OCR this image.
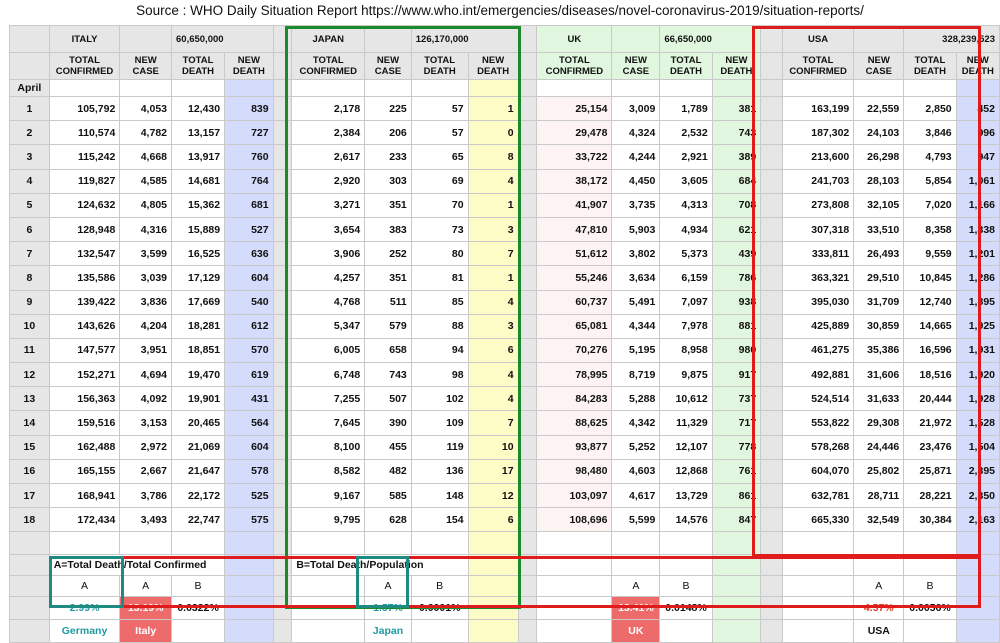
Source : WHO Daily Situation Report https://www.who.int/emergencies/diseases/novel-coronavirus-2019/situation-reports/
	ITALY		60,650,000			JAPAN		126,170,000			UK		66,650,000			USA		328,239,523	
	TOTAL CONFIRMED	NEW CASE	TOTAL DEATH	NEW DEATH		TOTAL CONFIRMED	NEW CASE	TOTAL DEATH	NEW DEATH		TOTAL CONFIRMED	NEW CASE	TOTAL DEATH	NEW DEATH		TOTAL CONFIRMED	NEW CASE	TOTAL DEATH	NEW DEATH
April																			
1	105,792	4,053	12,430	839		2,178	225	57	1		25,154	3,009	1,789	381		163,199	22,559	2,850	452
2	110,574	4,782	13,157	727		2,384	206	57	0		29,478	4,324	2,532	743		187,302	24,103	3,846	996
3	115,242	4,668	13,917	760		2,617	233	65	8		33,722	4,244	2,921	389		213,600	26,298	4,793	947
4	119,827	4,585	14,681	764		2,920	303	69	4		38,172	4,450	3,605	684		241,703	28,103	5,854	1,061
5	124,632	4,805	15,362	681		3,271	351	70	1		41,907	3,735	4,313	708		273,808	32,105	7,020	1,166
6	128,948	4,316	15,889	527		3,654	383	73	3		47,810	5,903	4,934	621		307,318	33,510	8,358	1,338
7	132,547	3,599	16,525	636		3,906	252	80	7		51,612	3,802	5,373	439		333,811	26,493	9,559	1,201
8	135,586	3,039	17,129	604		4,257	351	81	1		55,246	3,634	6,159	786		363,321	29,510	10,845	1,286
9	139,422	3,836	17,669	540		4,768	511	85	4		60,737	5,491	7,097	938		395,030	31,709	12,740	1,895
10	143,626	4,204	18,281	612		5,347	579	88	3		65,081	4,344	7,978	881		425,889	30,859	14,665	1,925
11	147,577	3,951	18,851	570		6,005	658	94	6		70,276	5,195	8,958	980		461,275	35,386	16,596	1,931
12	152,271	4,694	19,470	619		6,748	743	98	4		78,995	8,719	9,875	917		492,881	31,606	18,516	1,920
13	156,363	4,092	19,901	431		7,255	507	102	4		84,283	5,288	10,612	737		524,514	31,633	20,444	1,928
14	159,516	3,153	20,465	564		7,645	390	109	7		88,625	4,342	11,329	717		553,822	29,308	21,972	1,528
15	162,488	2,972	21,069	604		8,100	455	119	10		93,877	5,252	12,107	778		578,268	24,446	23,476	1,504
16	165,155	2,667	21,647	578		8,582	482	136	17		98,480	4,603	12,868	761		604,070	25,802	25,871	2,395
17	168,941	3,786	22,172	525		9,167	585	148	12		103,097	4,617	13,729	861		632,781	28,711	28,221	2,350
18	172,434	3,493	22,747	575		9,795	628	154	6		108,696	5,599	14,576	847		665,330	32,549	30,384	2,163

	A=Total Death/Total Confirmed					B=Total Death/Population													
	A	A	B				A	B				A	B				A	B	
	2.99%	13.19%	0.0322%				1.57%	0.0001%				13.41%	0.0148%				4.57%	0.0056%	
	Germany	Italy					Japan					UK					USA		
